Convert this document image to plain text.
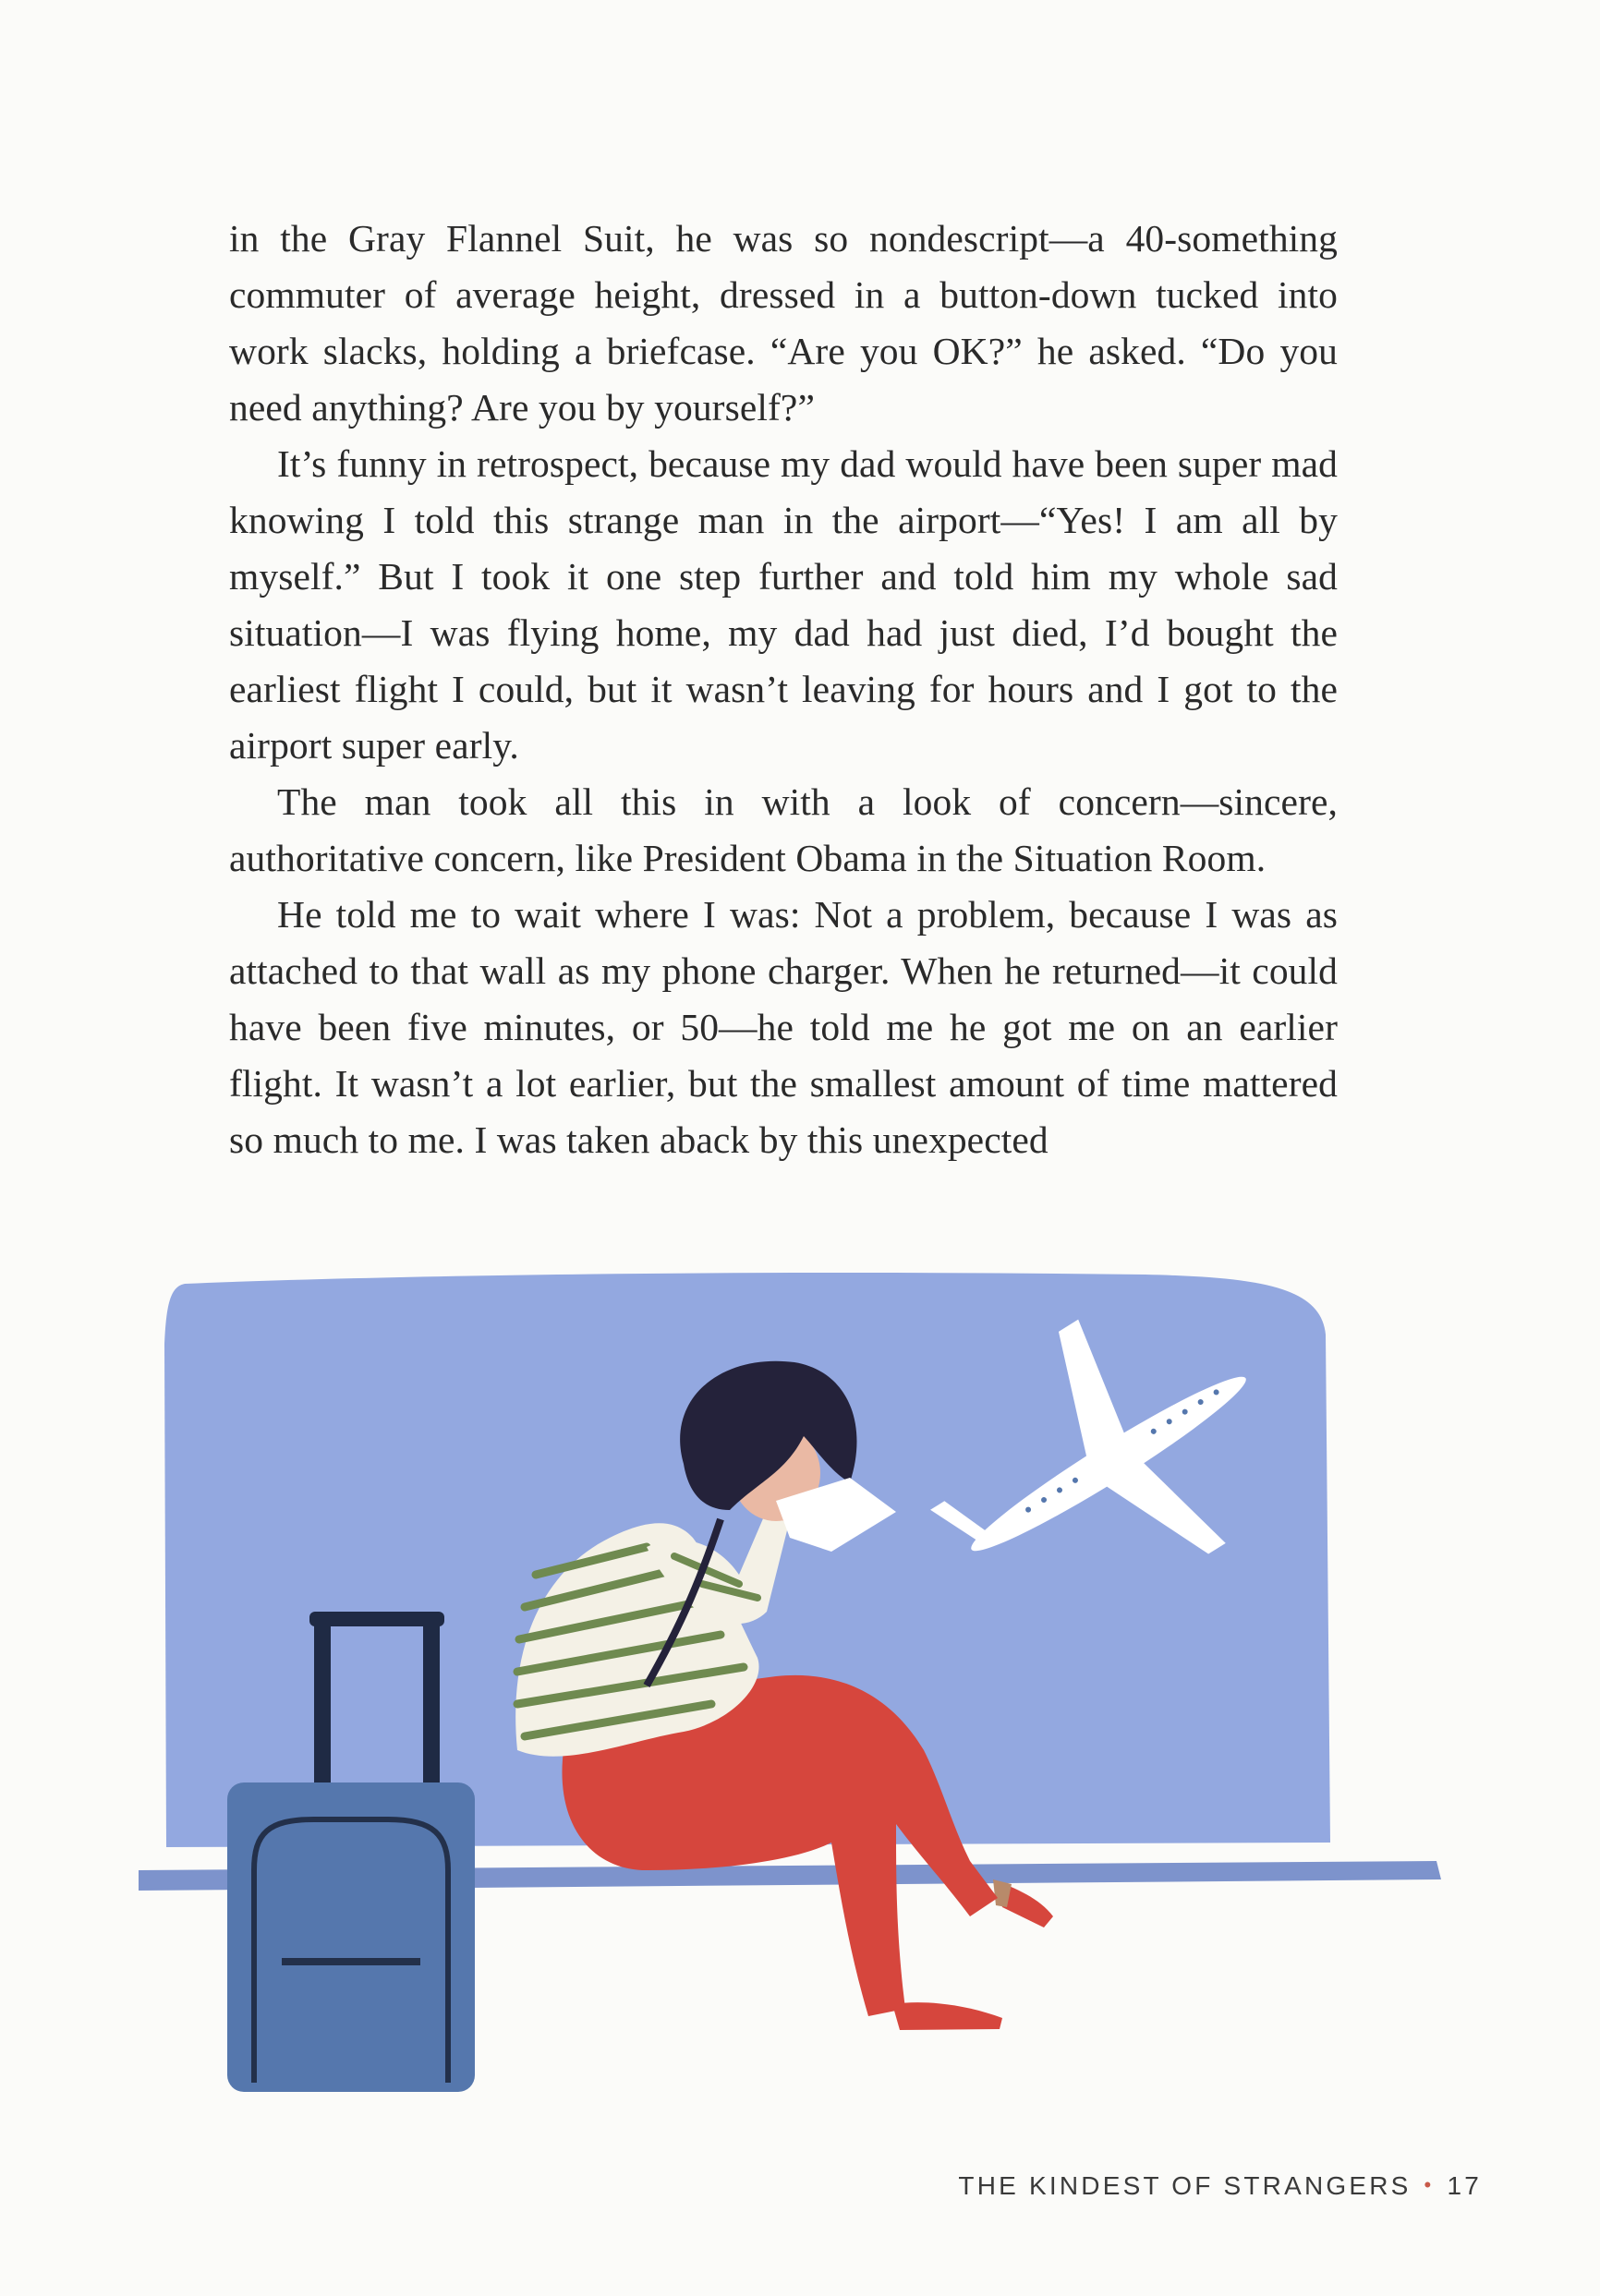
in the Gray Flannel Suit, he was so nondescript—a 40-something commuter of average height, dressed in a button-down tucked into work slacks, holding a briefcase. “Are you OK?” he asked. “Do you need anything? Are you by yourself?”

It’s funny in retrospect, because my dad would have been super mad knowing I told this strange man in the airport—“Yes! I am all by myself.” But I took it one step further and told him my whole sad situation—I was flying home, my dad had just died, I’d bought the earliest flight I could, but it wasn’t leaving for hours and I got to the airport super early.

The man took all this in with a look of concern—sincere, authoritative concern, like President Obama in the Situation Room.

He told me to wait where I was: Not a problem, because I was as attached to that wall as my phone charger. When he returned—it could have been five minutes, or 50—he told me he got me on an earlier flight. It wasn’t a lot earlier, but the smallest amount of time mattered so much to me. I was taken aback by this unexpected

THE KINDEST OF STRANGERS • 17
